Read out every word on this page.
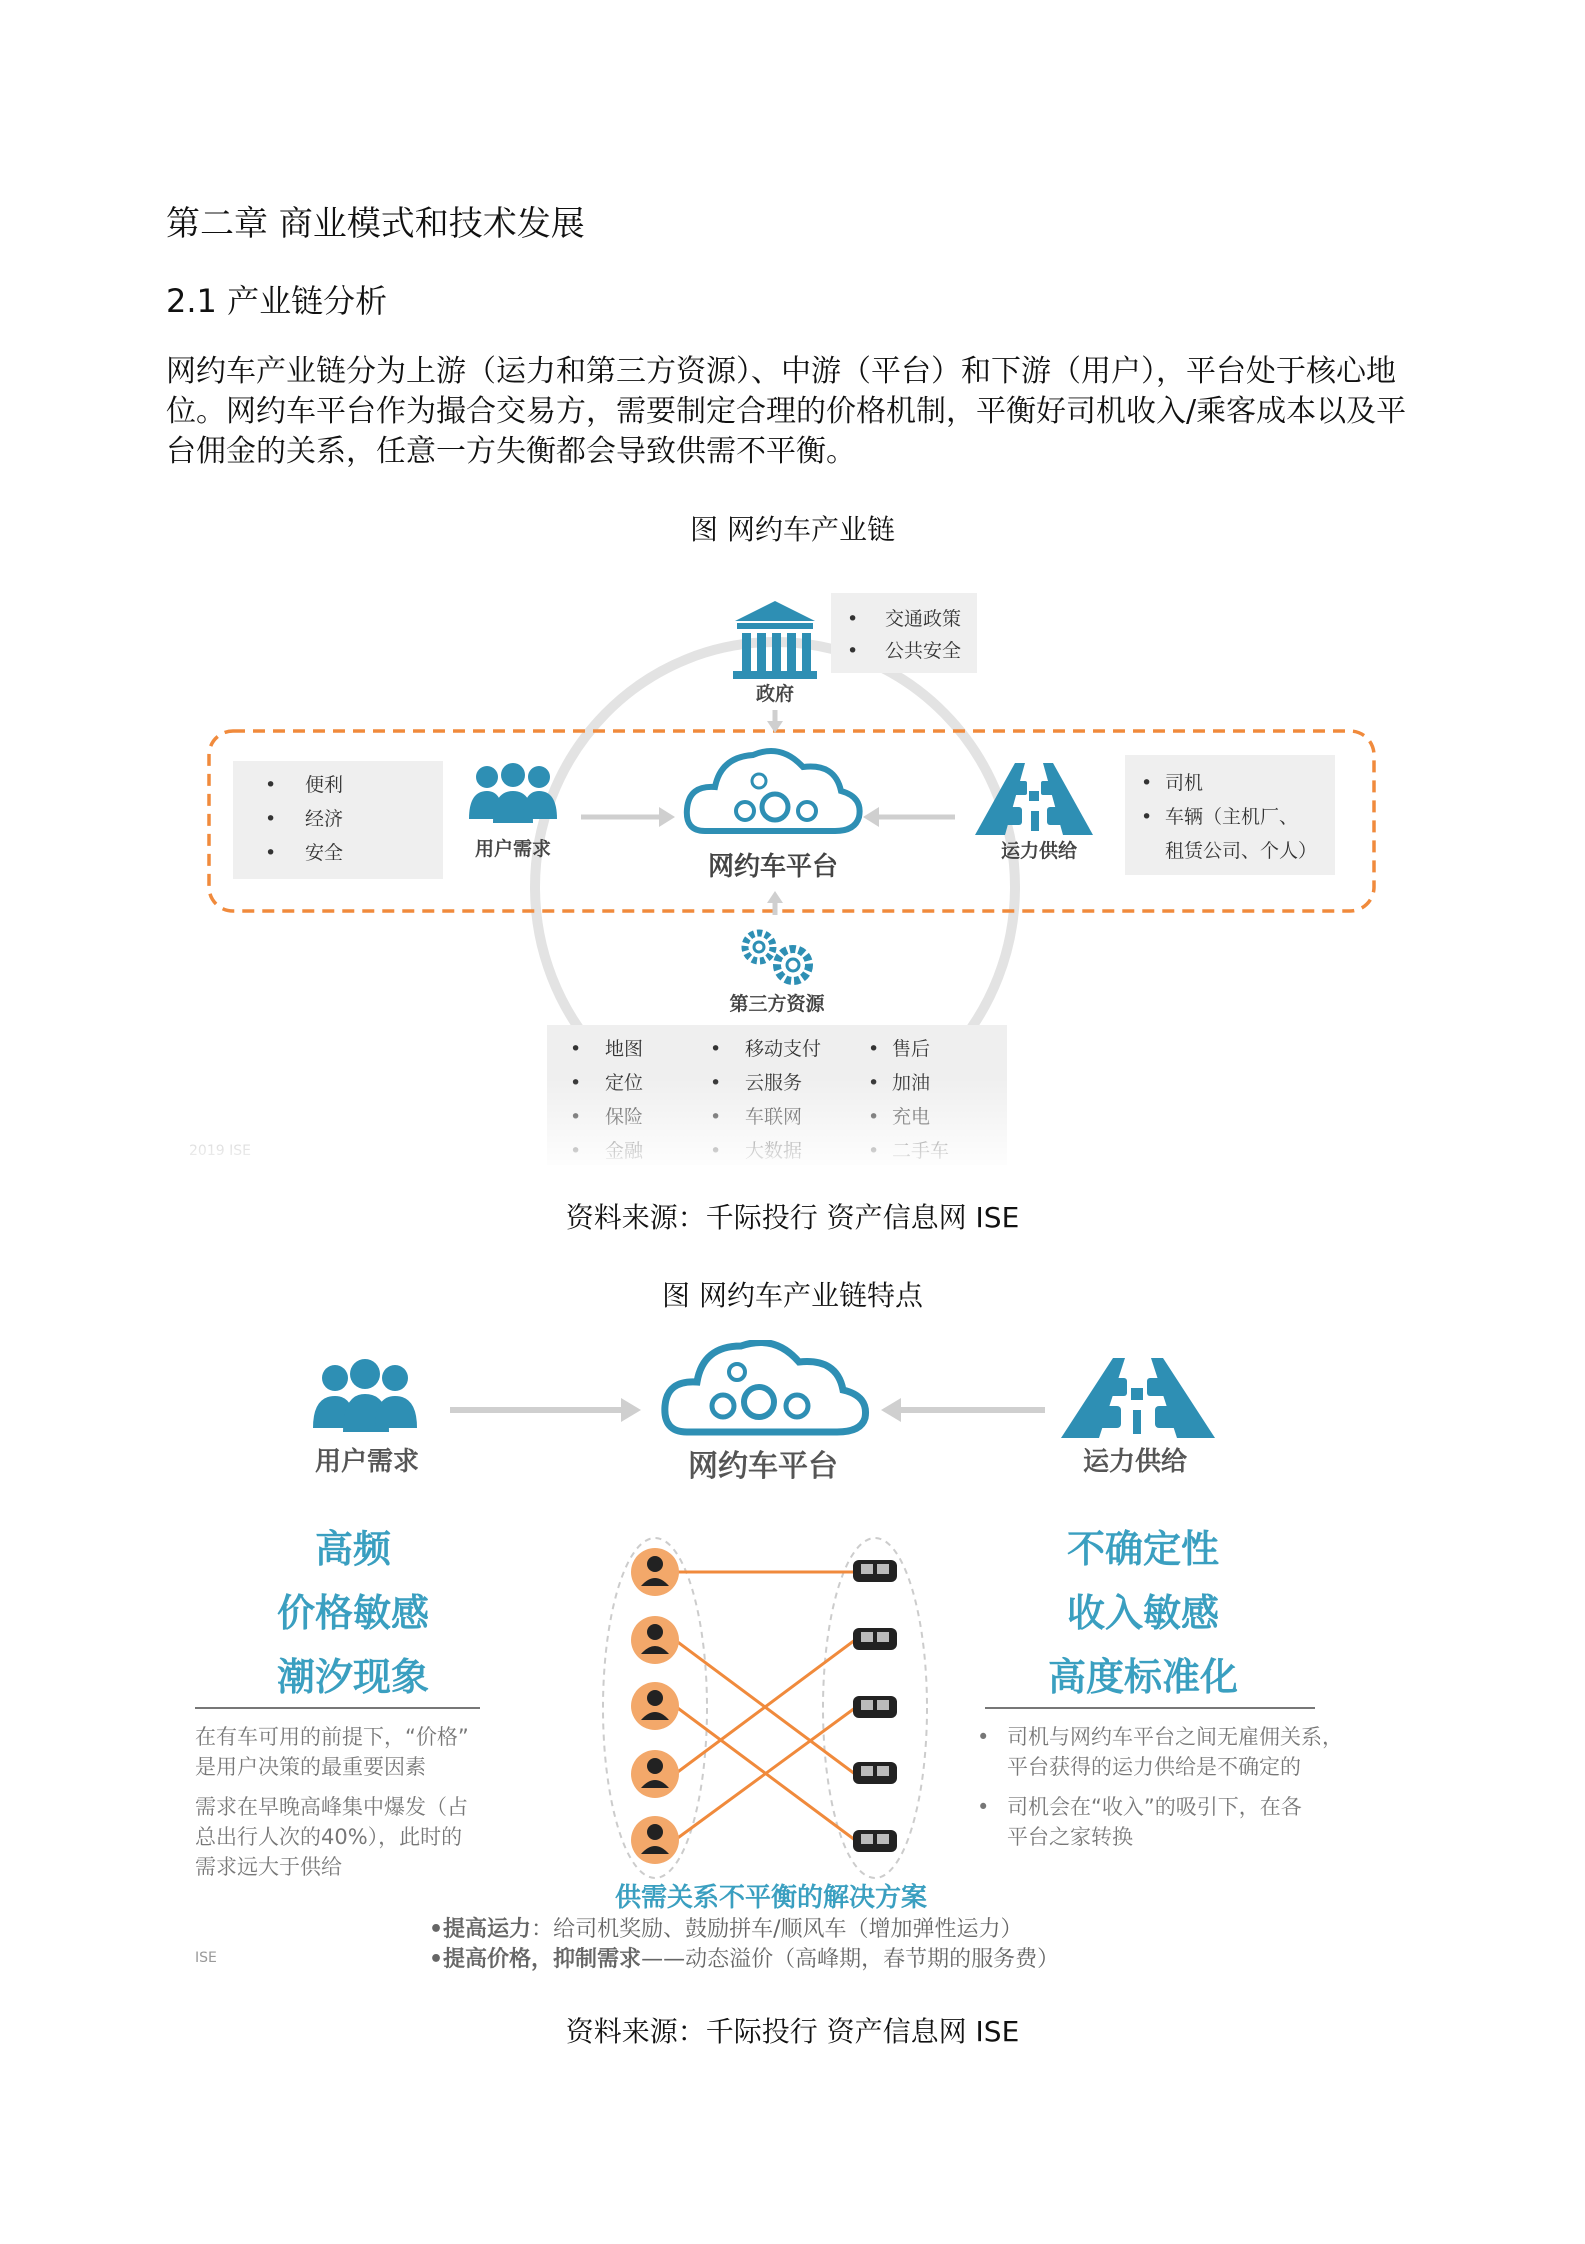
第二章 商业模式和技术发展
2.1 产业链分析
网约车产业链分为上游（运力和第三方资源）、中游（平台）和下游（用户），平台处于核心地位。网约车平台作为撮合交易方，需要制定合理的价格机制，平衡好司机收入/乘客成本以及平台佣金的关系，任意一方失衡都会导致供需不平衡。
图 网约车产业链
资料来源：千际投行 资产信息网 ISE
图 网约车产业链特点
用户需求	网约车平台	运力供给
高频
价格敏感
潮汐现象
在有车可用的前提下，“价格”
是用户决策的最重要因素
需求在早晚高峰集中爆发（占
总出行人次的40%），此时的
需求远大于供给
不确定性
收入敏感
高度标准化
• 司机与网约车平台之间无雇佣关系，
平台获得的运力供给是不确定的
• 司机会在“收入”的吸引下，在各
平台之家转换
供需关系不平衡的解决方案
•提高运力：给司机奖励、鼓励拼车/顺风车（增加弹性运力）
•提高价格，抑制需求——动态溢价（高峰期，春节期的服务费）
ISE
资料来源：千际投行 资产信息网 ISE
